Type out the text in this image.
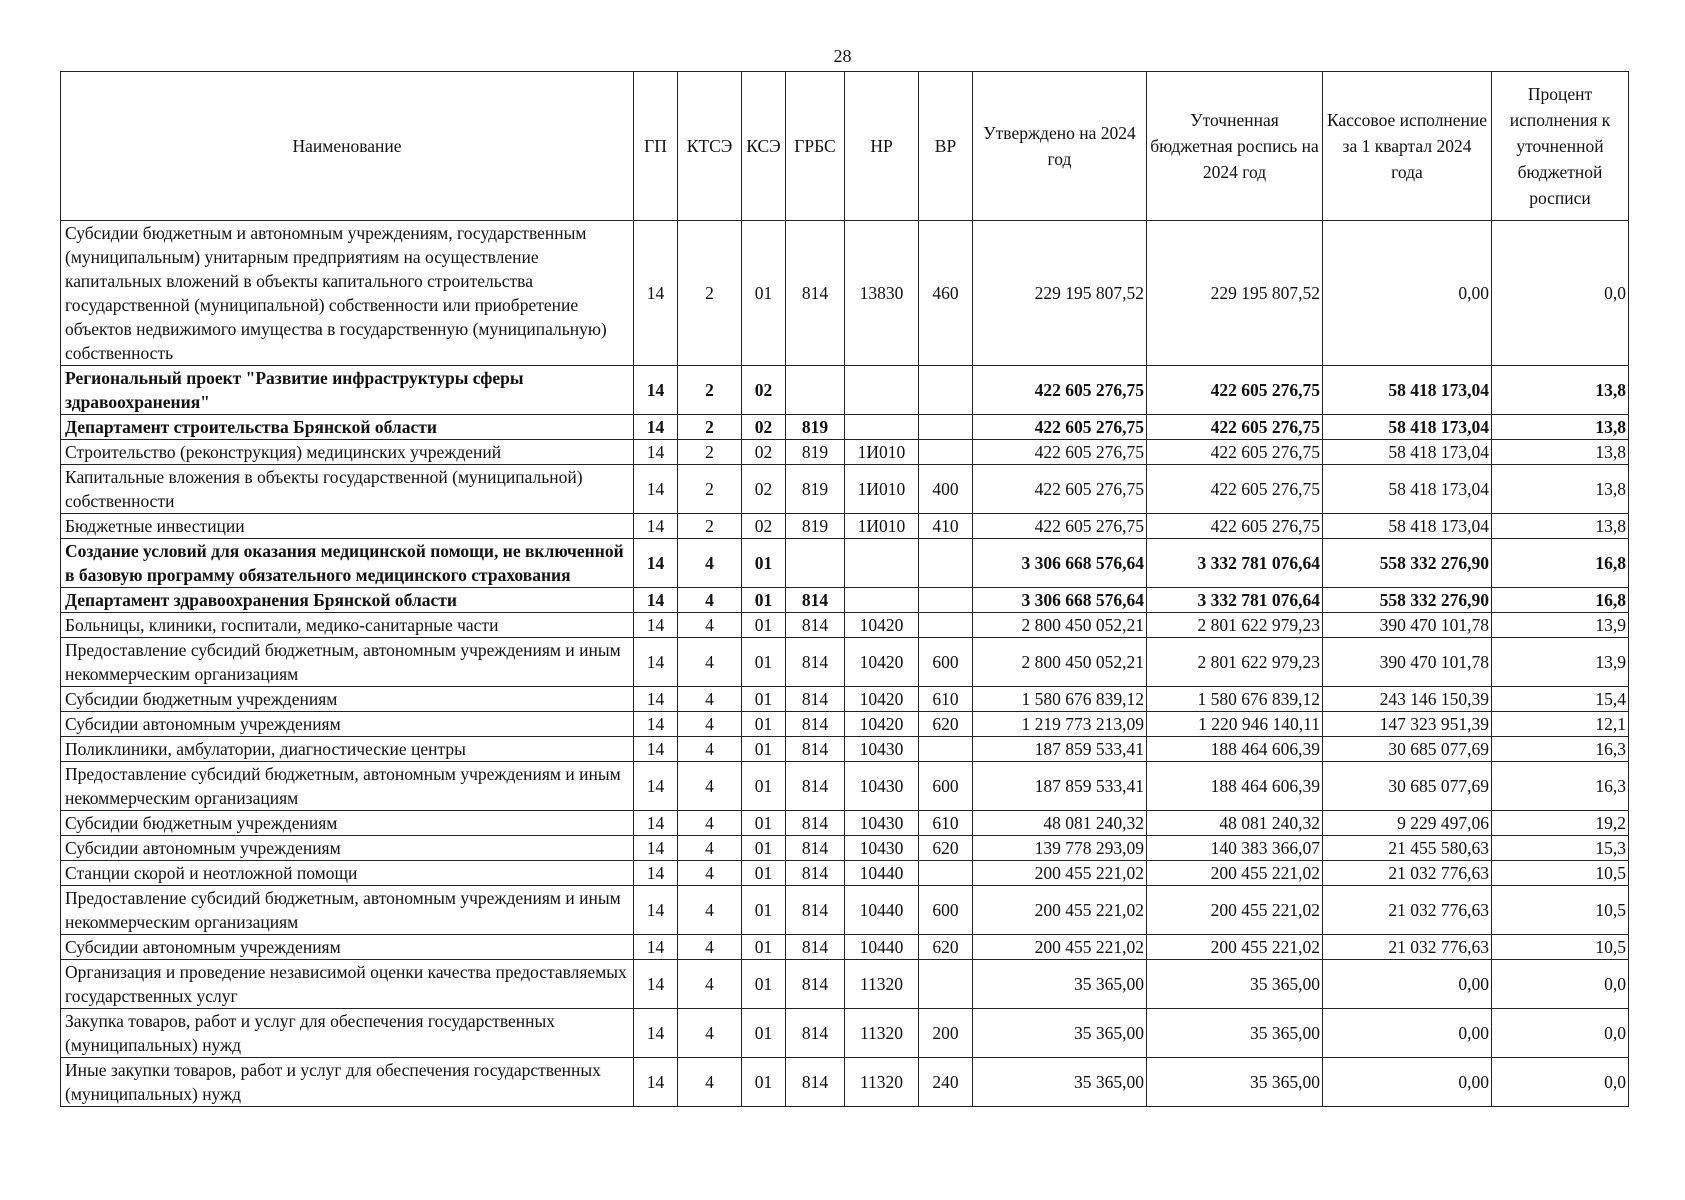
28
Наименование	ГП	КТСЭ	КСЭ	ГРБС	НР	ВР	Утверждено на 2024 год	Уточненная бюджетная роспись на 2024 год	Кассовое исполнение за 1 квартал 2024 года	Процент исполнения к уточненной бюджетной росписи
Субсидии бюджетным и автономным учреждениям, государственным (муниципальным) унитарным предприятиям на осуществление капитальных вложений в объекты капитального строительства государственной (муниципальной) собственности или приобретение объектов недвижимого имущества в государственную (муниципальную) собственность	14	2	01	814	13830	460	229 195 807,52	229 195 807,52	0,00	0,0
Региональный проект "Развитие инфраструктуры сферы здравоохранения"	14	2	02				422 605 276,75	422 605 276,75	58 418 173,04	13,8
Департамент строительства Брянской области	14	2	02	819			422 605 276,75	422 605 276,75	58 418 173,04	13,8
Строительство (реконструкция) медицинских учреждений	14	2	02	819	1И010		422 605 276,75	422 605 276,75	58 418 173,04	13,8
Капитальные вложения в объекты государственной (муниципальной) собственности	14	2	02	819	1И010	400	422 605 276,75	422 605 276,75	58 418 173,04	13,8
Бюджетные инвестиции	14	2	02	819	1И010	410	422 605 276,75	422 605 276,75	58 418 173,04	13,8
Создание условий для оказания медицинской помощи, не включенной в базовую программу обязательного медицинского страхования	14	4	01				3 306 668 576,64	3 332 781 076,64	558 332 276,90	16,8
Департамент здравоохранения Брянской области	14	4	01	814			3 306 668 576,64	3 332 781 076,64	558 332 276,90	16,8
Больницы, клиники, госпитали, медико-санитарные части	14	4	01	814	10420		2 800 450 052,21	2 801 622 979,23	390 470 101,78	13,9
Предоставление субсидий бюджетным, автономным учреждениям и иным некоммерческим организациям	14	4	01	814	10420	600	2 800 450 052,21	2 801 622 979,23	390 470 101,78	13,9
Субсидии бюджетным учреждениям	14	4	01	814	10420	610	1 580 676 839,12	1 580 676 839,12	243 146 150,39	15,4
Субсидии автономным учреждениям	14	4	01	814	10420	620	1 219 773 213,09	1 220 946 140,11	147 323 951,39	12,1
Поликлиники, амбулатории, диагностические центры	14	4	01	814	10430		187 859 533,41	188 464 606,39	30 685 077,69	16,3
Предоставление субсидий бюджетным, автономным учреждениям и иным некоммерческим организациям	14	4	01	814	10430	600	187 859 533,41	188 464 606,39	30 685 077,69	16,3
Субсидии бюджетным учреждениям	14	4	01	814	10430	610	48 081 240,32	48 081 240,32	9 229 497,06	19,2
Субсидии автономным учреждениям	14	4	01	814	10430	620	139 778 293,09	140 383 366,07	21 455 580,63	15,3
Станции скорой и неотложной помощи	14	4	01	814	10440		200 455 221,02	200 455 221,02	21 032 776,63	10,5
Предоставление субсидий бюджетным, автономным учреждениям и иным некоммерческим организациям	14	4	01	814	10440	600	200 455 221,02	200 455 221,02	21 032 776,63	10,5
Субсидии автономным учреждениям	14	4	01	814	10440	620	200 455 221,02	200 455 221,02	21 032 776,63	10,5
Организация и проведение независимой оценки качества предоставляемых государственных услуг	14	4	01	814	11320		35 365,00	35 365,00	0,00	0,0
Закупка товаров, работ и услуг для обеспечения государственных (муниципальных) нужд	14	4	01	814	11320	200	35 365,00	35 365,00	0,00	0,0
Иные закупки товаров, работ и услуг для обеспечения государственных (муниципальных) нужд	14	4	01	814	11320	240	35 365,00	35 365,00	0,00	0,0
